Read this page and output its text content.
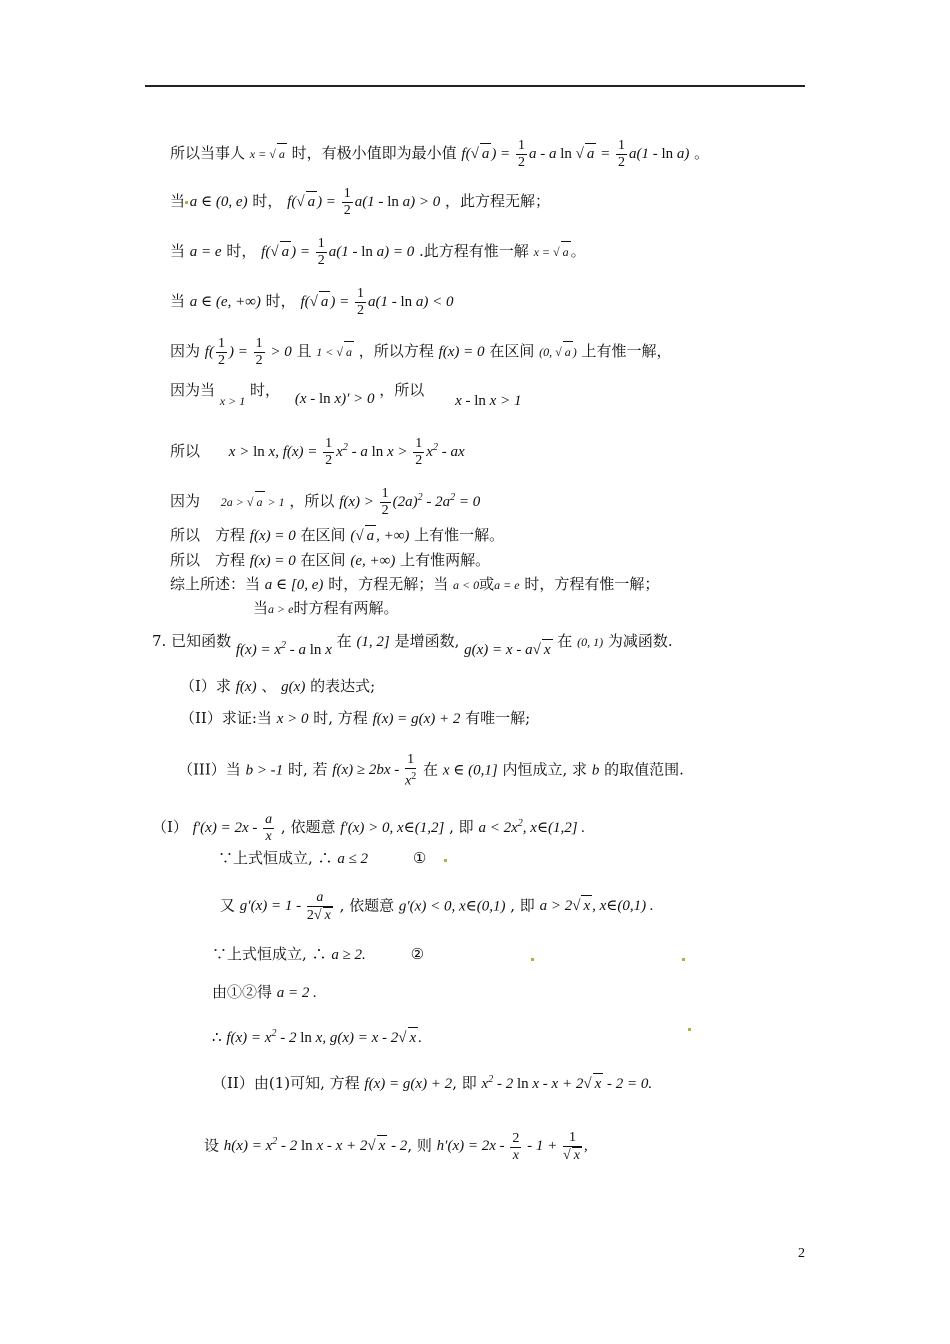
所以当事人 x = √ a 时，有极小值即为最小值 f(√ a ) = $\frac{1}{2}$ a - a ln √ $a = \frac{1}{2} a(1 - \ln a)$ 。
当 a ∈ (0, e) 时， f(√ a ) = $\frac{1}{2} a(1 - \ln a) > 0$ ，此方程无解；
当 a = e 时， f(√ a ) = $\frac{1}{2} a(1 - \ln a) = 0$ .此方程有惟一解 x = √ a 。
当 a ∈ (e, +∞) 时， f(√ a ) = $\frac{1}{2} a(1 - \ln a) < 0$
因为 $f( \frac{1}{2}$ ) = $\frac{1}{2} > 0$ 且 1 < √ a ，所以方程 f(x) = 0 在区间 (0, √ a ) 上有惟一解，
因为当 $_{x > 1}$ 时， (x - ln x)′ > 0 ，所以 x - ln x > 1
所以 x > ln x, $f(x) = \frac{1}{2} x^2 - a$ $\ln x > \frac{1}{2} x^2$ - ax
因为 2a > √ a > 1 ，所以 $f(x) > \frac{1}{2} (2a)^2 - 2a^2 = 0$
所以　方程 f(x) = 0 在区间 (√ a , +∞) 上有惟一解。
所以　方程 f(x) = 0 在区间 (e, +∞) 上有惟两解。
综上所述：当 a ∈ [0, e) 时，方程无解；当 a < 0或a = e 时，方程有惟一解；
当a > e时方程有两解。
7. 已知函数 $f(x) = x^2 - a$ ln x 在 (1, 2] 是增函数, g(x) = x - a√ x 在 (0, 1) 为减函数.
（I）求 f(x) 、 g(x) 的表达式;
（II）求证:当 x > 0 时, 方程 f(x) = g(x) + 2 有唯一解;
（III）当 b > -1 时, 若 $f(x) \ge 2bx - \frac{1}{x^2}$ 在 x ∈ (0,1] 内恒成立, 求 b 的取值范围.
（I） $f'(x) = 2x - \frac{a}{x}$ , 依题意 f′(x) > 0, x∈(1,2] , 即 $a < 2x^2$, x∈(1,2] .
∵上式恒成立, ∴ a ≤ 2	①
又 $g'(x) = 1 - \frac{a}{2√ x}$ , 依题意 g′(x) < 0, x∈(0,1) , 即 a > 2√ x , x∈(0,1) .
∵上式恒成立, ∴ a ≥ 2.	②
由①②得 a = 2 .
∴ $f(x) = x^2 - 2$ ln x, g(x) = x - 2√ x .
（II）由(1)可知, 方程 f(x) = g(x) + 2, 即 $x^2 - 2$ ln x - x + 2√ x - 2 = 0.
设 $h(x) = x^2 - 2$ ln x - x + 2√ x - 2, 则 $h'(x) = 2x - \frac{2}{x} - 1 + \frac{1}{√ x}$ ,
2
